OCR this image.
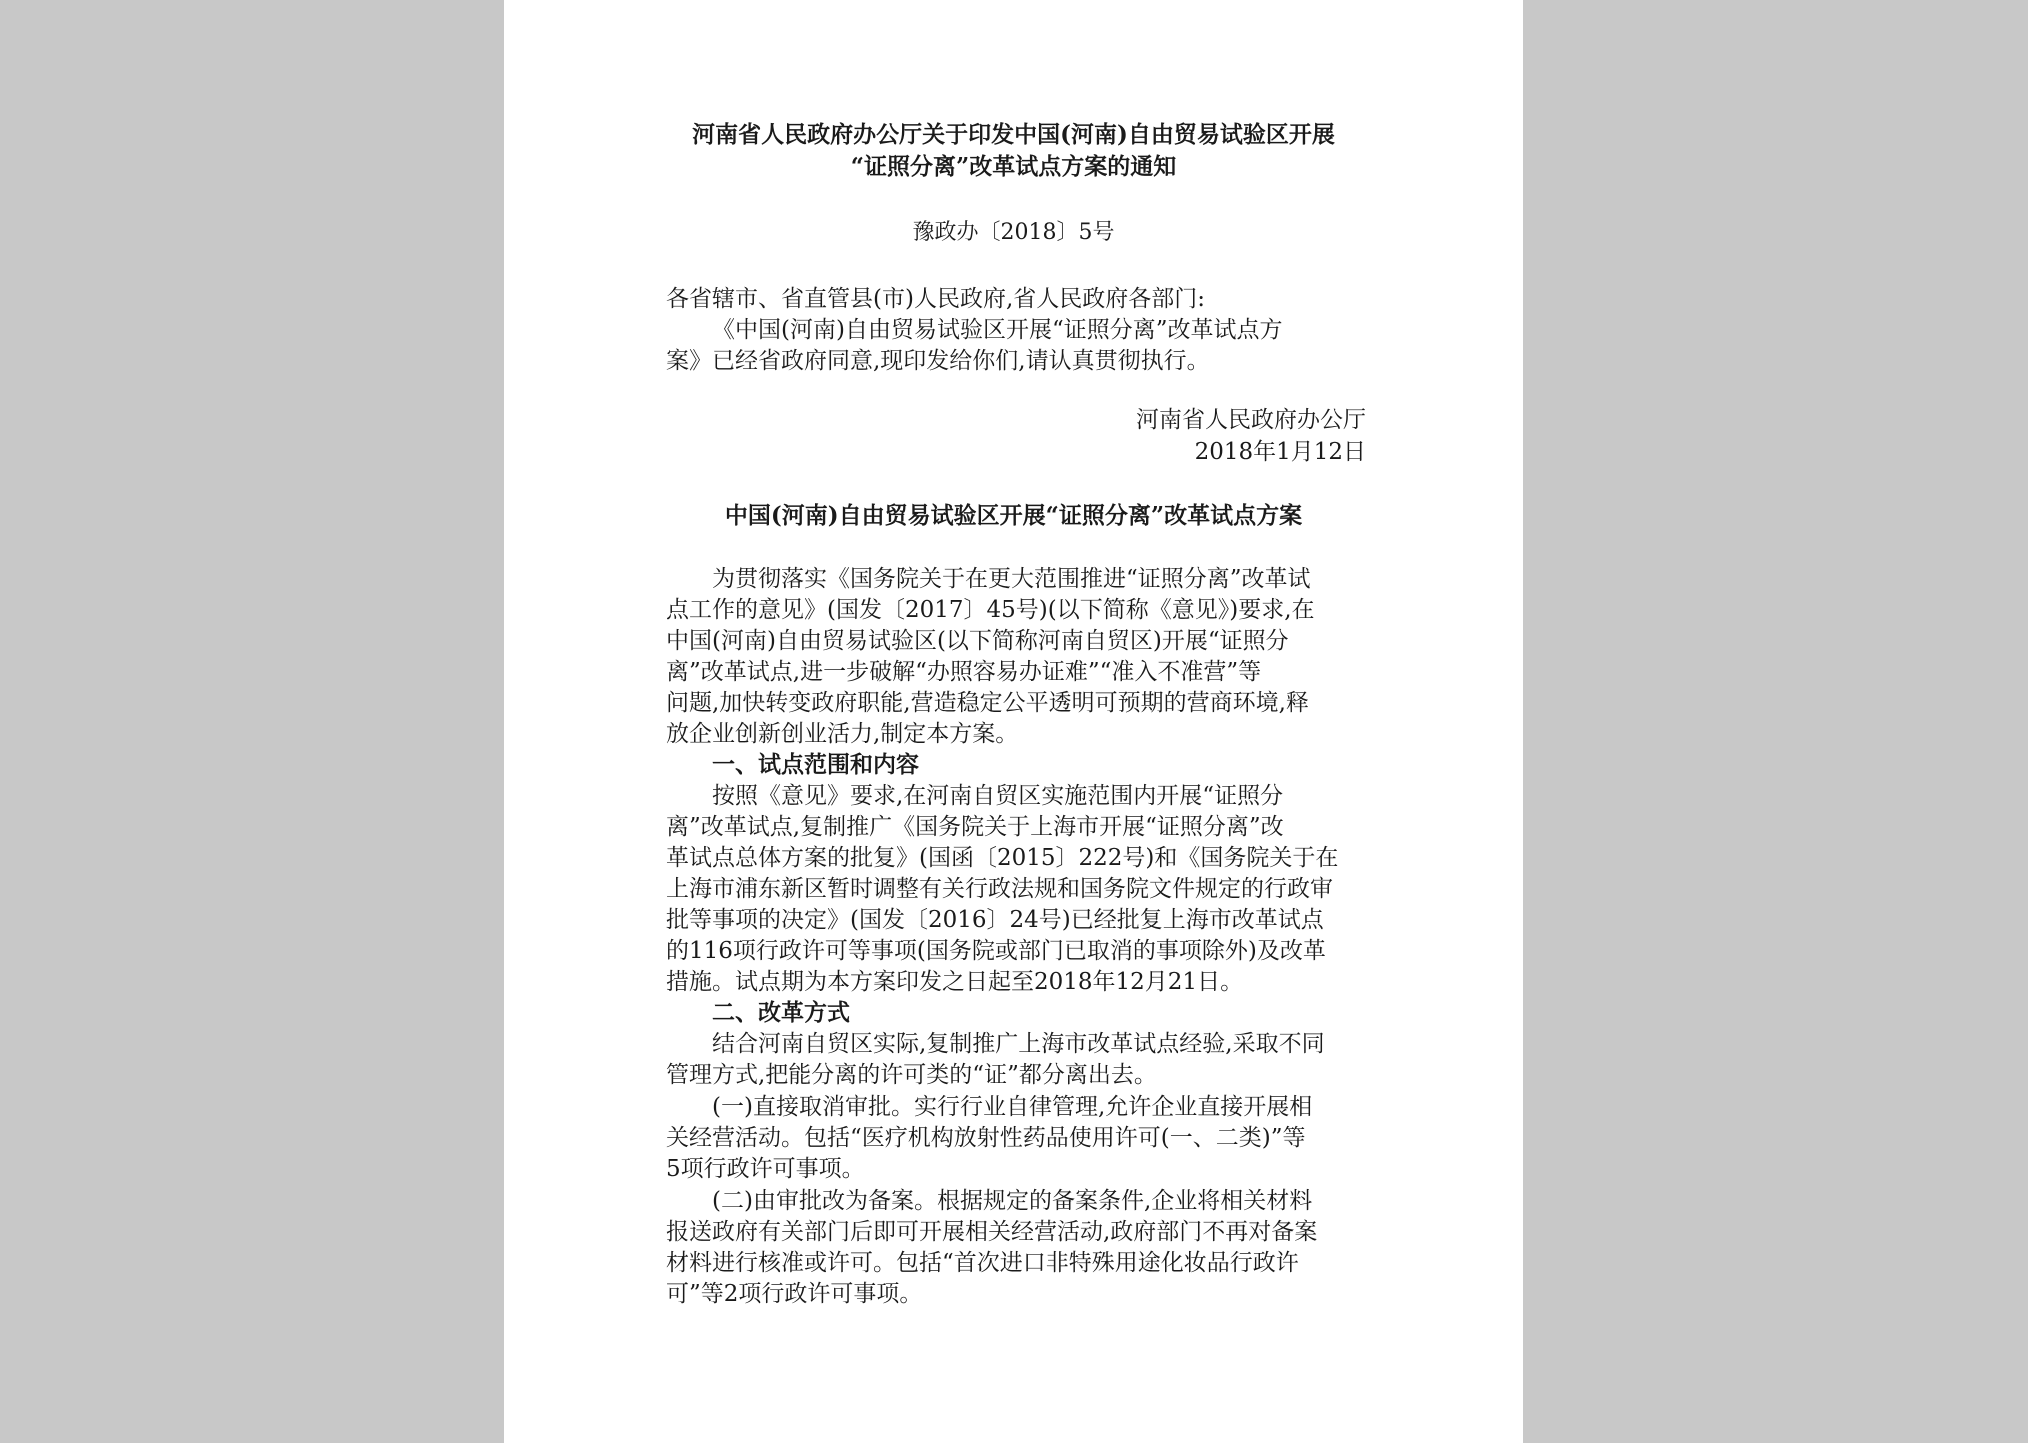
河南省人民政府办公厅关于印发中国(河南)自由贸易试验区开展
“证照分离”改革试点方案的通知
豫政办〔2018〕5号
各省辖市、省直管县(市)人民政府,省人民政府各部门:
《中国(河南)自由贸易试验区开展“证照分离”改革试点方
案》已经省政府同意,现印发给你们,请认真贯彻执行。
河南省人民政府办公厅
2018年1月12日
中国(河南)自由贸易试验区开展“证照分离”改革试点方案
为贯彻落实《国务院关于在更大范围推进“证照分离”改革试
点工作的意见》(国发〔2017〕45号)(以下简称《意见》)要求,在
中国(河南)自由贸易试验区(以下简称河南自贸区)开展“证照分
离”改革试点,进一步破解“办照容易办证难”“准入不准营”等
问题,加快转变政府职能,营造稳定公平透明可预期的营商环境,释
放企业创新创业活力,制定本方案。
一、试点范围和内容
按照《意见》要求,在河南自贸区实施范围内开展“证照分
离”改革试点,复制推广《国务院关于上海市开展“证照分离”改
革试点总体方案的批复》(国函〔2015〕222号)和《国务院关于在
上海市浦东新区暂时调整有关行政法规和国务院文件规定的行政审
批等事项的决定》(国发〔2016〕24号)已经批复上海市改革试点
的116项行政许可等事项(国务院或部门已取消的事项除外)及改革
措施。试点期为本方案印发之日起至2018年12月21日。
二、改革方式
结合河南自贸区实际,复制推广上海市改革试点经验,采取不同
管理方式,把能分离的许可类的“证”都分离出去。
(一)直接取消审批。实行行业自律管理,允许企业直接开展相
关经营活动。包括“医疗机构放射性药品使用许可(一、二类)”等
5项行政许可事项。
(二)由审批改为备案。根据规定的备案条件,企业将相关材料
报送政府有关部门后即可开展相关经营活动,政府部门不再对备案
材料进行核准或许可。包括“首次进口非特殊用途化妆品行政许
可”等2项行政许可事项。
